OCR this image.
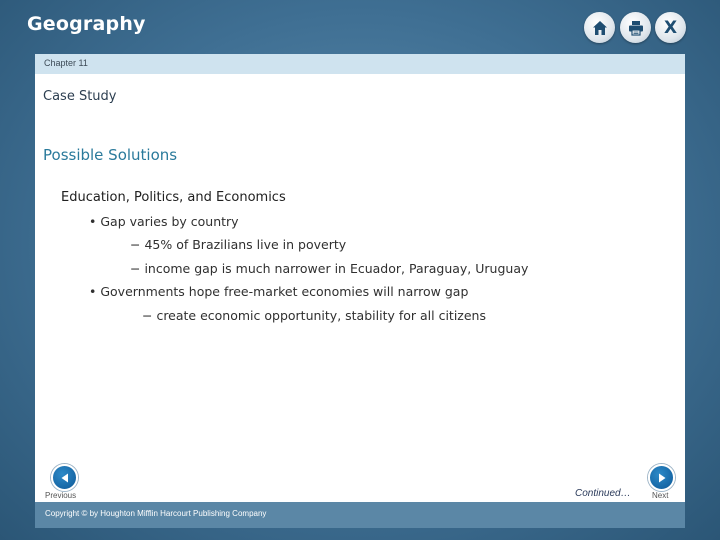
Geography	X
Chapter 11
Case Study
Possible Solutions
Education, Politics, and Economics
• Gap varies by country
− 45% of Brazilians live in poverty
− income gap is much narrower in Ecuador, Paraguay, Uruguay
• Governments hope free-market economies will narrow gap
− create economic opportunity, stability for all citizens
Previous	Continued…	Next
Copyright © by Houghton Mifflin Harcourt Publishing Company
